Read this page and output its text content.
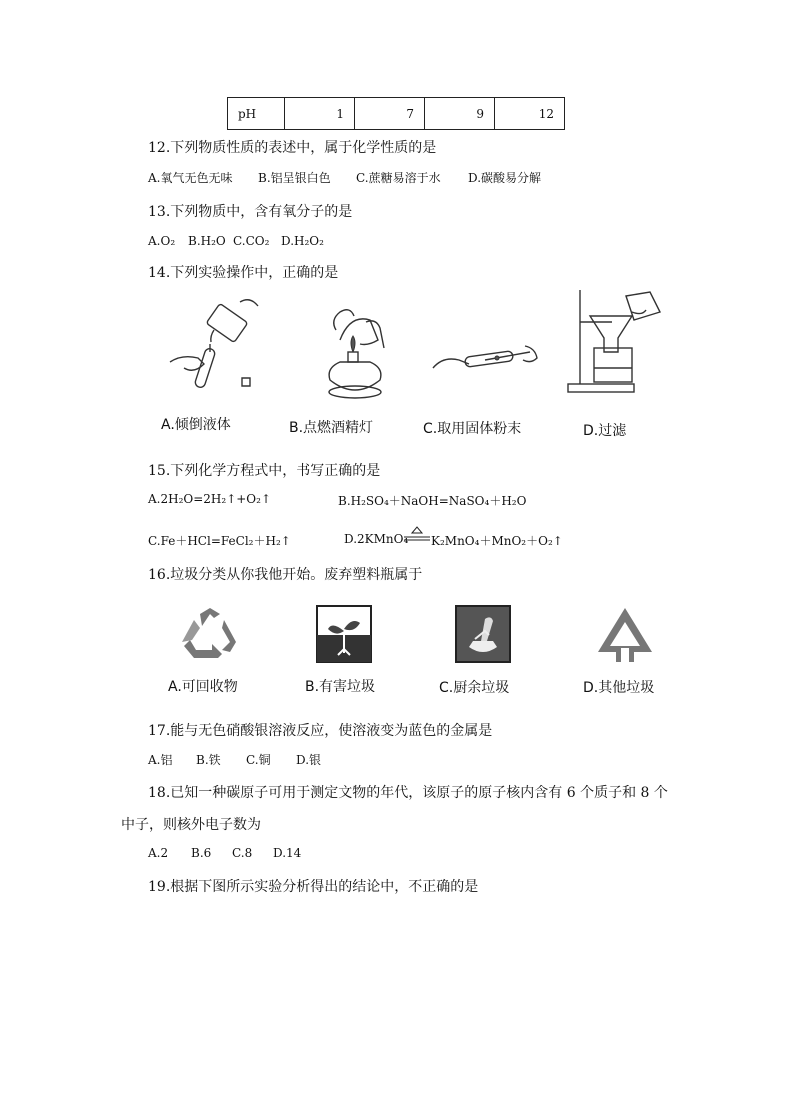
pH	1	7	9	12
12.下列物质性质的表述中，属于化学性质的是
A.氧气无色无味 B.铝呈银白色 C.蔗糖易溶于水 D.碳酸易分解
13.下列物质中，含有氧分子的是
A.O₂ B.H₂O C.CO₂ D.H₂O₂
14.下列实验操作中，正确的是
A.倾倒液体	B.点燃酒精灯	C.取用固体粉末	D.过滤
15.下列化学方程式中，书写正确的是
A.2H₂O=2H₂↑+O₂↑	B.H₂SO₄＋NaOH=NaSO₄＋H₂O
C.Fe＋HCl=FeCl₂＋H₂↑	D.2KMnO₄ K₂MnO₄＋MnO₂＋O₂↑
16.垃圾分类从你我他开始。废弃塑料瓶属于
A.可回收物	B.有害垃圾	C.厨余垃圾	D.其他垃圾
17.能与无色硝酸银溶液反应，使溶液变为蓝色的金属是
A.铝 B.铁 C.铜 D.银
18.已知一种碳原子可用于测定文物的年代，该原子的原子核内含有 6 个质子和 8 个
中子，则核外电子数为
A.2 B.6 C.8 D.14
19.根据下图所示实验分析得出的结论中，不正确的是
